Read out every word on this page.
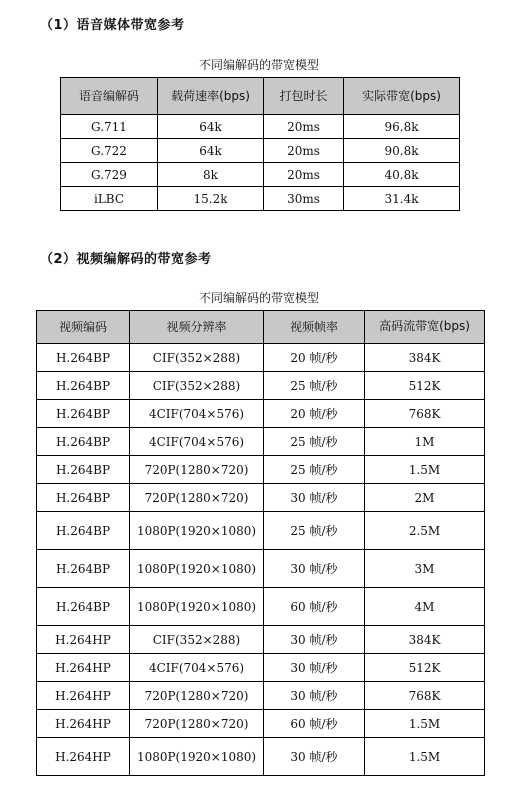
（1）语音媒体带宽参考
不同编解码的带宽模型
语音编解码	载荷速率(bps)	打包时长	实际带宽(bps)
G.711	64k	20ms	96.8k
G.722	64k	20ms	90.8k
G.729	8k	20ms	40.8k
iLBC	15.2k	30ms	31.4k
（2）视频编解码的带宽参考
不同编解码的带宽模型
视频编码	视频分辨率	视频帧率	高码流带宽(bps)

H.264BP	CIF(352×288)	20 帧/秒	384K
H.264BP	CIF(352×288)	25 帧/秒	512K
H.264BP	4CIF(704×576)	20 帧/秒	768K
H.264BP	4CIF(704×576)	25 帧/秒	1M
H.264BP	720P(1280×720)	25 帧/秒	1.5M
H.264BP	720P(1280×720)	30 帧/秒	2M
H.264BP	1080P(1920×1080)	25 帧/秒	2.5M
H.264BP	1080P(1920×1080)	30 帧/秒	3M
H.264BP	1080P(1920×1080)	60 帧/秒	4M
H.264HP	CIF(352×288)	30 帧/秒	384K
H.264HP	4CIF(704×576)	30 帧/秒	512K
H.264HP	720P(1280×720)	30 帧/秒	768K
H.264HP	720P(1280×720)	60 帧/秒	1.5M
H.264HP	1080P(1920×1080)	30 帧/秒	1.5M
